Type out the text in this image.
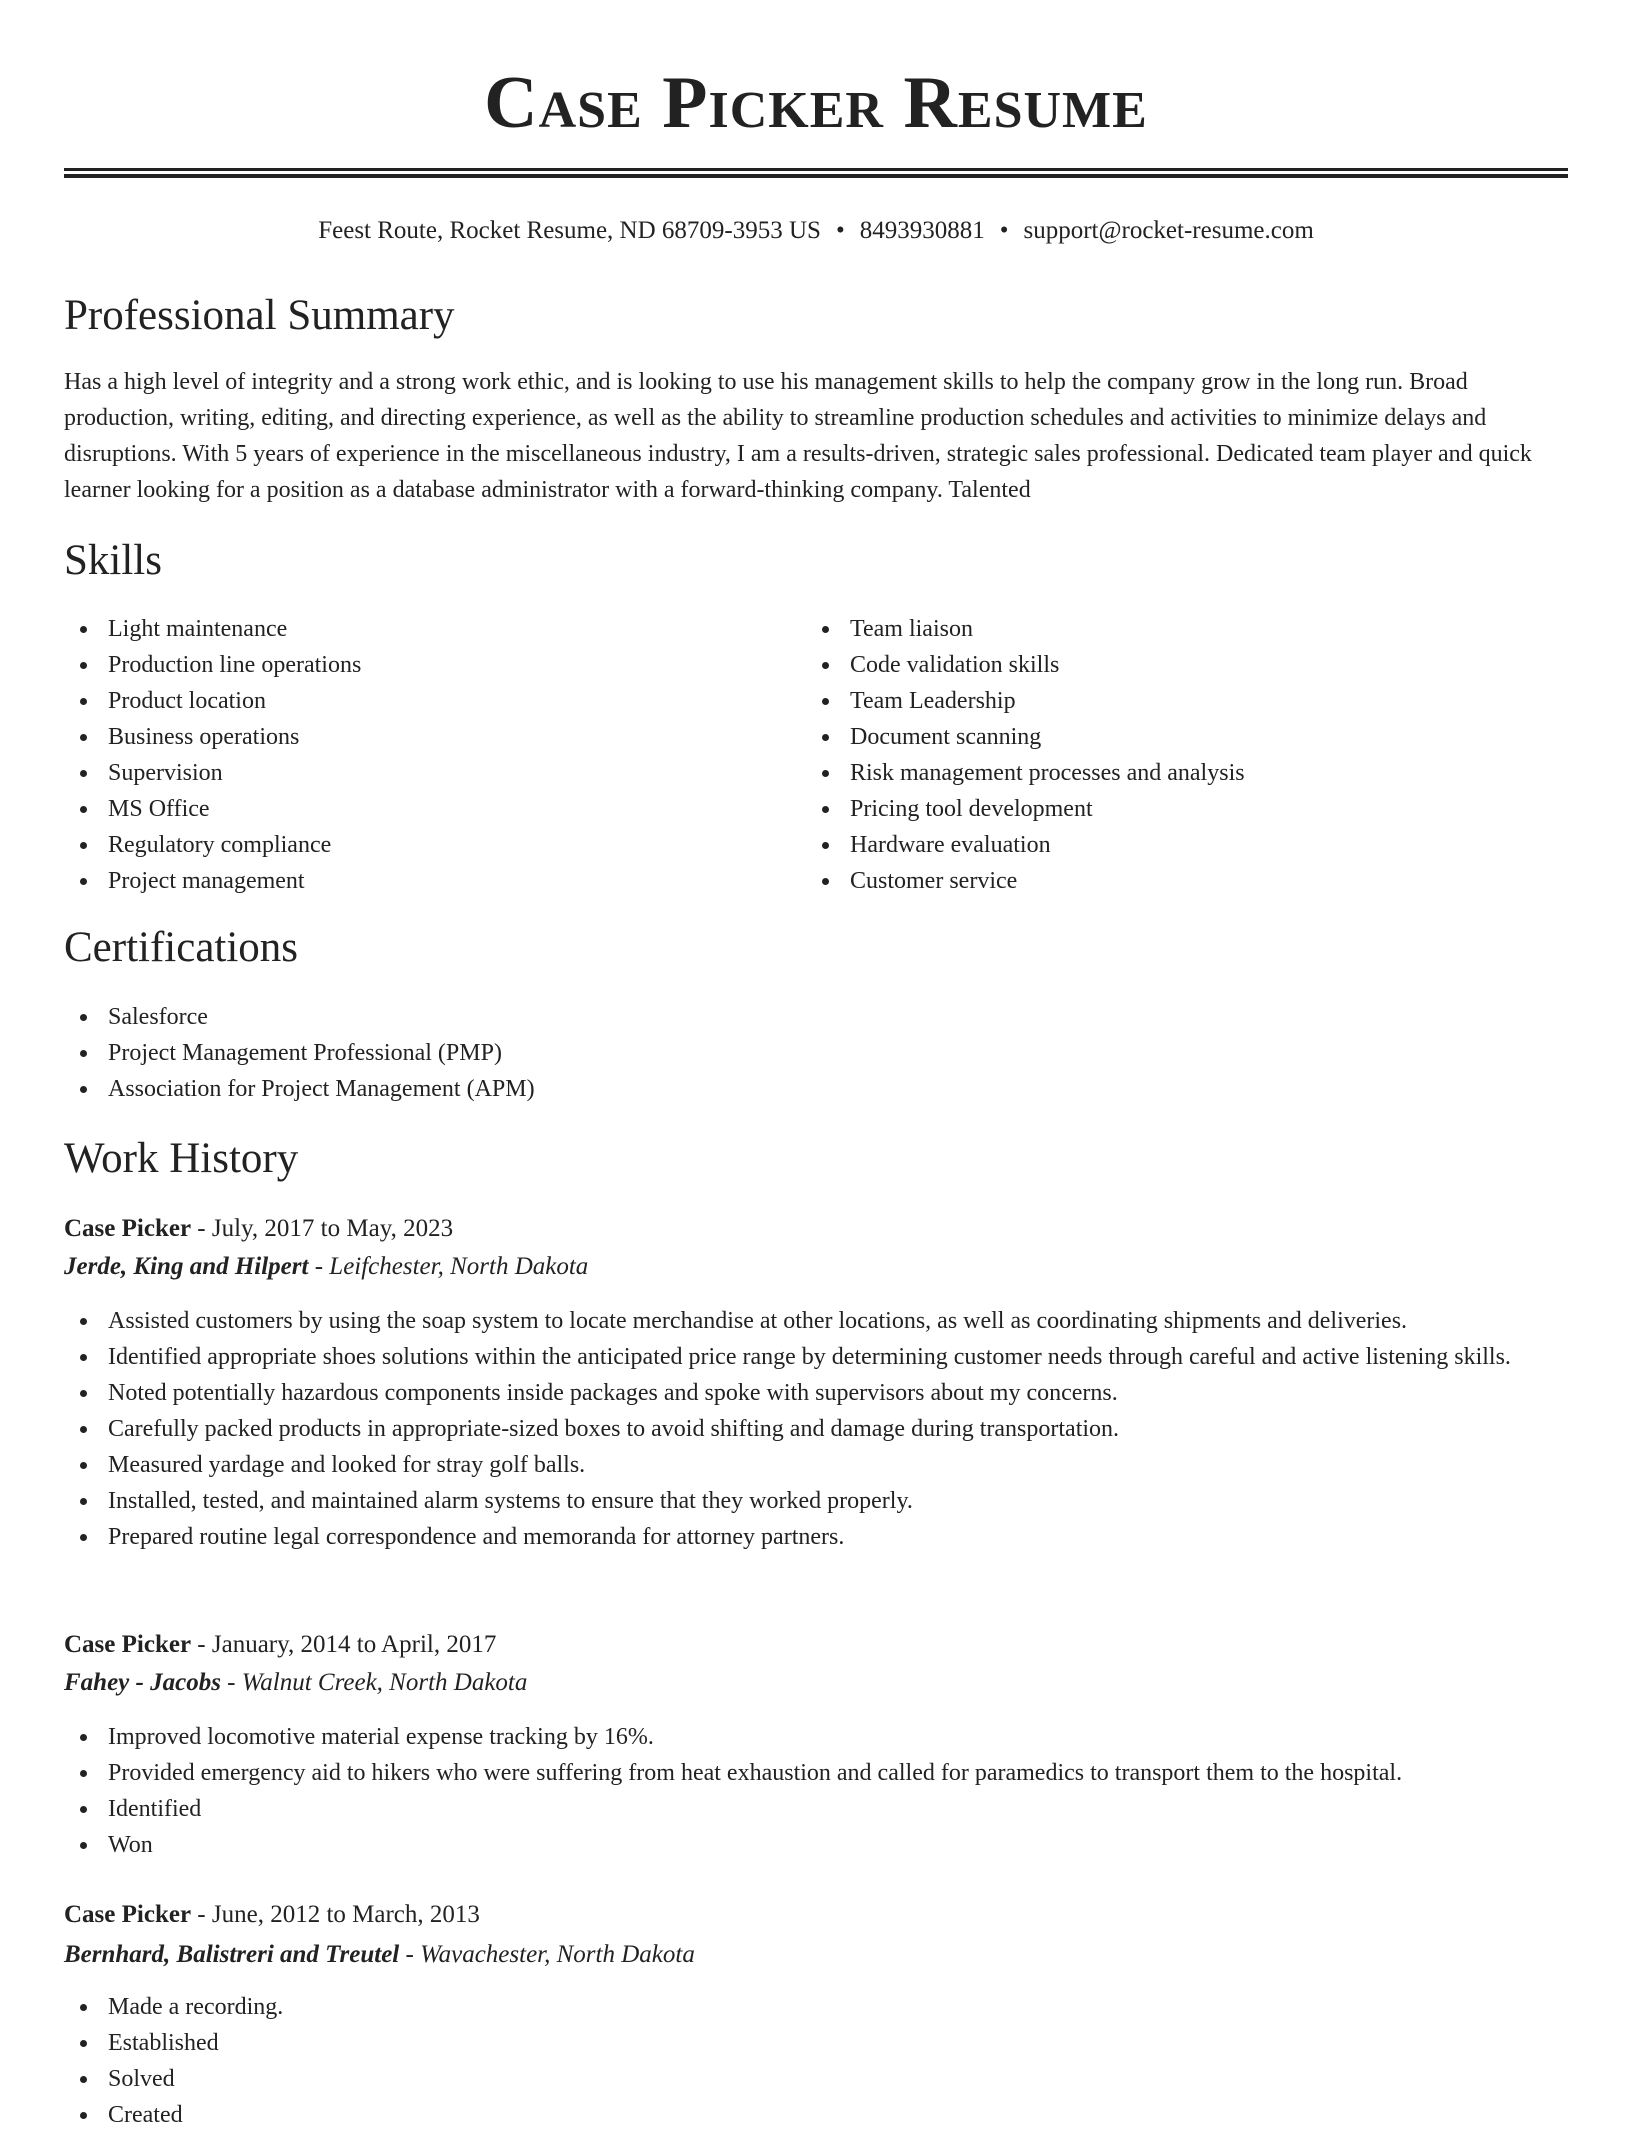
Case Picker Resume
Feest Route, Rocket Resume, ND 68709-3953 US • 8493930881 • support@rocket-resume.com
Professional Summary

Has a high level of integrity and a strong work ethic, and is looking to use his management skills to help the company grow in the long run. Broad production, writing, editing, and directing experience, as well as the ability to streamline production schedules and activities to minimize delays and disruptions. With 5 years of experience in the miscellaneous industry, I am a results-driven, strategic sales professional. Dedicated team player and quick learner looking for a position as a database administrator with a forward-thinking company. Talented

Skills
Light maintenance
Production line operations
Product location
Business operations
Supervision
MS Office
Regulatory compliance
Project management
Team liaison
Code validation skills
Team Leadership
Document scanning
Risk management processes and analysis
Pricing tool development
Hardware evaluation
Customer service
Certifications
Salesforce
Project Management Professional (PMP)
Association for Project Management (APM)
Work History
Case Picker - July, 2017 to May, 2023
Jerde, King and Hilpert - Leifchester, North Dakota
Assisted customers by using the soap system to locate merchandise at other locations, as well as coordinating shipments and deliveries.
Identified appropriate shoes solutions within the anticipated price range by determining customer needs through careful and active listening skills.
Noted potentially hazardous components inside packages and spoke with supervisors about my concerns.
Carefully packed products in appropriate-sized boxes to avoid shifting and damage during transportation.
Measured yardage and looked for stray golf balls.
Installed, tested, and maintained alarm systems to ensure that they worked properly.
Prepared routine legal correspondence and memoranda for attorney partners.
Case Picker - January, 2014 to April, 2017
Fahey - Jacobs - Walnut Creek, North Dakota
Improved locomotive material expense tracking by 16%.
Provided emergency aid to hikers who were suffering from heat exhaustion and called for paramedics to transport them to the hospital.
Identified
Won
Case Picker - June, 2012 to March, 2013
Bernhard, Balistreri and Treutel - Wavachester, North Dakota
Made a recording.
Established
Solved
Created
